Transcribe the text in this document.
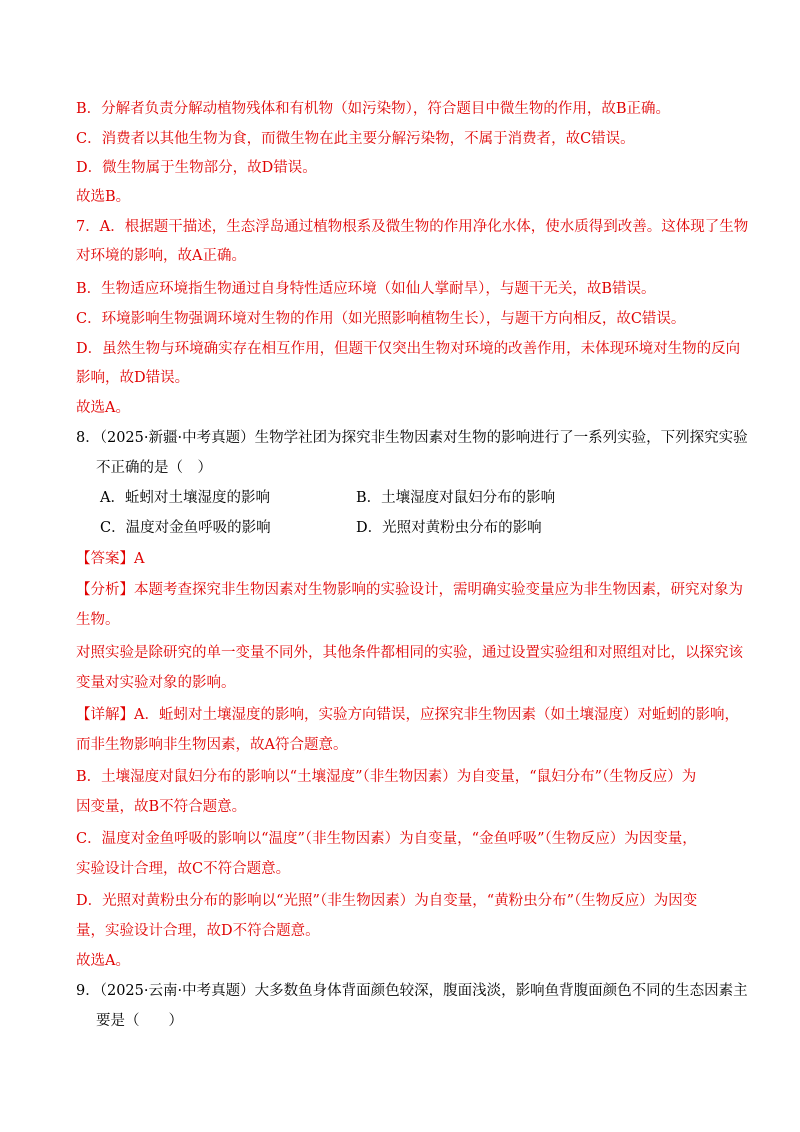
B．分解者负责分解动植物残体和有机物（如污染物），符合题目中微生物的作用，故B正确。
C．消费者以其他生物为食，而微生物在此主要分解污染物，不属于消费者，故C错误。
D．微生物属于生物部分，故D错误。
故选B。
7．A．根据题干描述，生态浮岛通过植物根系及微生物的作用净化水体，使水质得到改善。这体现了生物
对环境的影响，故A正确。
B．生物适应环境指生物通过自身特性适应环境（如仙人掌耐旱），与题干无关，故B错误。
C．环境影响生物强调环境对生物的作用（如光照影响植物生长），与题干方向相反，故C错误。
D．虽然生物与环境确实存在相互作用，但题干仅突出生物对环境的改善作用，未体现环境对生物的反向
影响，故D错误。
故选A。
8．（2025·新疆·中考真题）生物学社团为探究非生物因素对生物的影响进行了一系列实验，下列探究实验
不正确的是（　）
A．蚯蚓对土壤湿度的影响	B．土壤湿度对鼠妇分布的影响
C．温度对金鱼呼吸的影响	D．光照对黄粉虫分布的影响
【答案】A
【分析】本题考查探究非生物因素对生物影响的实验设计，需明确实验变量应为非生物因素，研究对象为
生物。
对照实验是除研究的单一变量不同外，其他条件都相同的实验，通过设置实验组和对照组对比，以探究该
变量对实验对象的影响。
【详解】A．蚯蚓对土壤湿度的影响，实验方向错误，应探究非生物因素（如土壤湿度）对蚯蚓的影响，
而非生物影响非生物因素，故A符合题意。
B．土壤湿度对鼠妇分布的影响以“土壤湿度”（非生物因素）为自变量，“鼠妇分布”（生物反应）为
因变量，故B不符合题意。
C．温度对金鱼呼吸的影响以“温度”（非生物因素）为自变量，“金鱼呼吸”（生物反应）为因变量，
实验设计合理，故C不符合题意。
D．光照对黄粉虫分布的影响以“光照”（非生物因素）为自变量，“黄粉虫分布”（生物反应）为因变
量，实验设计合理，故D不符合题意。
故选A。
9．（2025·云南·中考真题）大多数鱼身体背面颜色较深，腹面浅淡，影响鱼背腹面颜色不同的生态因素主
要是（　　）
